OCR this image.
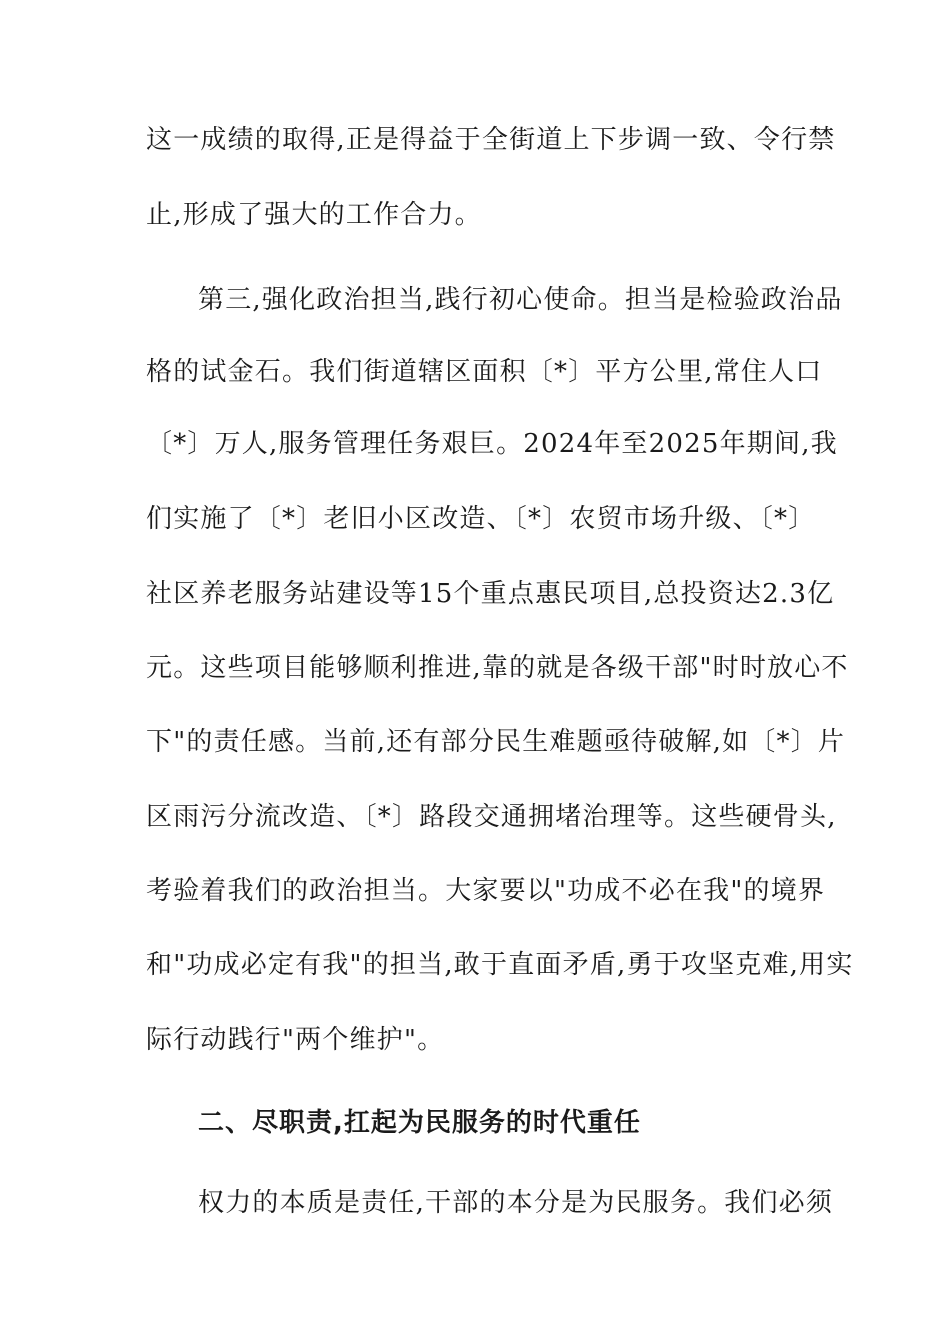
这一成绩的取得,正是得益于全街道上下步调一致、令行禁
止,形成了强大的工作合力。
第三,强化政治担当,践行初心使命。担当是检验政治品
格的试金石。我们街道辖区面积〔*〕平方公里,常住人口
〔*〕万人,服务管理任务艰巨。2024年至2025年期间,我
们实施了〔*〕老旧小区改造、〔*〕农贸市场升级、〔*〕
社区养老服务站建设等15个重点惠民项目,总投资达2.3亿
元。这些项目能够顺利推进,靠的就是各级干部"时时放心不
下"的责任感。当前,还有部分民生难题亟待破解,如〔*〕片
区雨污分流改造、〔*〕路段交通拥堵治理等。这些硬骨头,
考验着我们的政治担当。大家要以"功成不必在我"的境界
和"功成必定有我"的担当,敢于直面矛盾,勇于攻坚克难,用实
际行动践行"两个维护"。
二、尽职责,扛起为民服务的时代重任
权力的本质是责任,干部的本分是为民服务。我们必须
